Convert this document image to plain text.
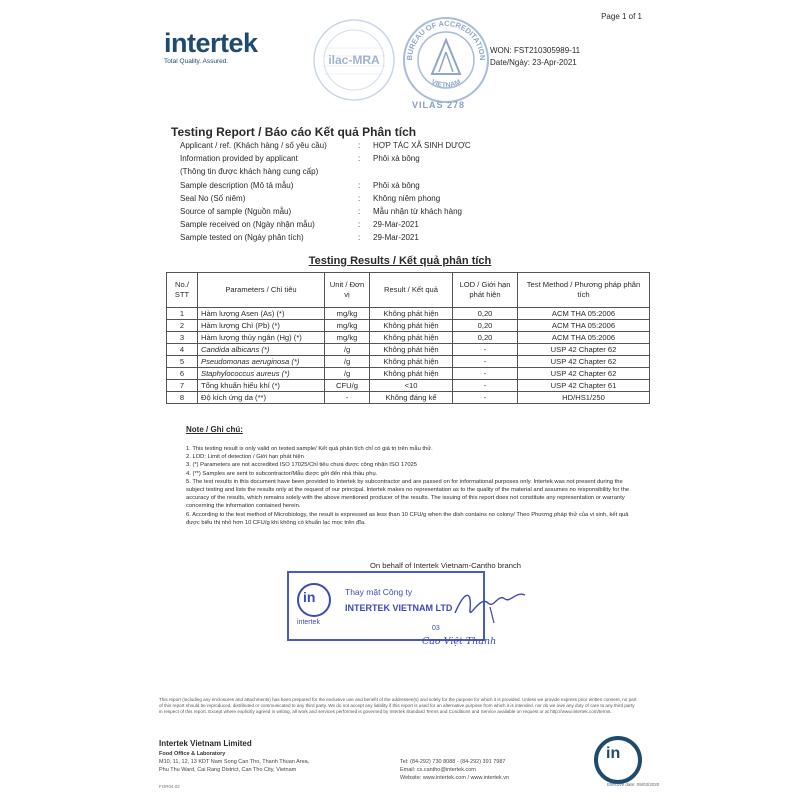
Page 1 of 1
intertek
Total Quality. Assured.	ilac-MRA	BUREAU OF ACCREDITATION
VIETNAM
VILAS 278
WON: FST210305989-11
Date/Ngày: 23-Apr-2021
Testing Report / Báo cáo Kết quả Phân tích
Applicant / ref. (Khách hàng / số yêu cầu)	:	HỢP TÁC XÃ SINH DƯỢC
Information provided by applicant	:	Phôi xà bông
(Thông tin được khách hàng cung cấp)
Sample description (Mô tả mẫu)	:	Phôi xà bông
Seal No (Số niêm)	:	Không niêm phong
Source of sample (Nguồn mẫu)	:	Mẫu nhận từ khách hàng
Sample received on (Ngày nhận mẫu)	:	29-Mar-2021
Sample tested on (Ngày phân tích)	:	29-Mar-2021
Testing Results / Kết quả phân tích
No./ STT	Parameters / Chỉ tiêu	Unit / Đơn vị	Result / Kết quả	LOD / Giới hạn phát hiện	Test Method / Phương pháp phân tích
1	Hàm lượng Asen (As) (*)	mg/kg	Không phát hiện	0,20	ACM THA 05:2006
2	Hàm lượng Chì (Pb) (*)	mg/kg	Không phát hiện	0,20	ACM THA 05:2006
3	Hàm lượng thủy ngân (Hg) (*)	mg/kg	Không phát hiện	0,20	ACM THA 05:2006
4	Candida albicans (*)	/g	Không phát hiện	-	USP 42 Chapter 62
5	Pseudomonas aeruginosa (*)	/g	Không phát hiện	-	USP 42 Chapter 62
6	Staphylococcus aureus (*)	/g	Không phát hiện	-	USP 42 Chapter 62
7	Tổng khuẩn hiếu khí (*)	CFU/g	<10	-	USP 42 Chapter 61
8	Độ kích ứng da (**)	-	Không đáng kể	-	HD/HS1/250
Note / Ghi chú:
1. This testing result is only valid on tested sample/ Kết quả phân tích chỉ có giá trị trên mẫu thử.
2. LOD: Limit of detection / Giới hạn phát hiện
3. (*) Parameters are not accredited ISO 17025/Chỉ tiêu chưa được công nhận ISO 17025
4. (**) Samples are sent to subcontractor/Mẫu được gởi đến nhà thầu phụ.
5. The test results in this document have been provided to Intertek by subcontractor and are passed on for informational purposes only. Intertek was not present during the subject testing and lists the results only at the request of our principal. Intertek makes no representation as to the quality of the material and assumes no responsibility for the accuracy of the results, which remains solely with the above mentioned producer of the results. The issuing of this report does not constitute any representation or warranty concerning the information contained herein.
6. According to the test method of Microbiology, the result is expressed as less than 10 CFU/g when the dish contains no colony/ Theo Phương pháp thử của vi sinh, kết quả được biểu thị nhỏ hơn 10 CFU/g khi không có khuẩn lạc mọc trên đĩa.
On behalf of Intertek Vietnam-Cantho branch
in
intertek
Thay mặt Công ty
INTERTEK VIETNAM LTD
03
Cao Việt Thanh
This report (including any enclosures and attachments) has been prepared for the exclusive use and benefit of the addressee(s) and solely for the purpose for which it is provided. Unless we provide express prior written consent, no part of this report should be reproduced, distributed or communicated to any third party. We do not accept any liability if this report is used for an alternative purpose from which it is intended, nor do we owe any duty of care to any third party in respect of this report. Except where explicitly agreed in writing, all work and services performed is governed by Intertek Standard Terms and Conditions and Service available on request or at http://www.intertek.com/terms.
Intertek Vietnam Limited
Food Office & Laboratory
M10, 11, 12, 13 KDT Nam Song Can Tho, Thanh Thuan Area,
Phu Thu Ward, Cai Rang District, Can Tho City, Vietnam
Tel: (84-292) 730 8088 - (84-292) 391 7987
Email: cs.cantho@intertek.com
Website: www.intertek.com / www.intertek.vn
FOR04.02
in
Effective date: 09/03/2020
